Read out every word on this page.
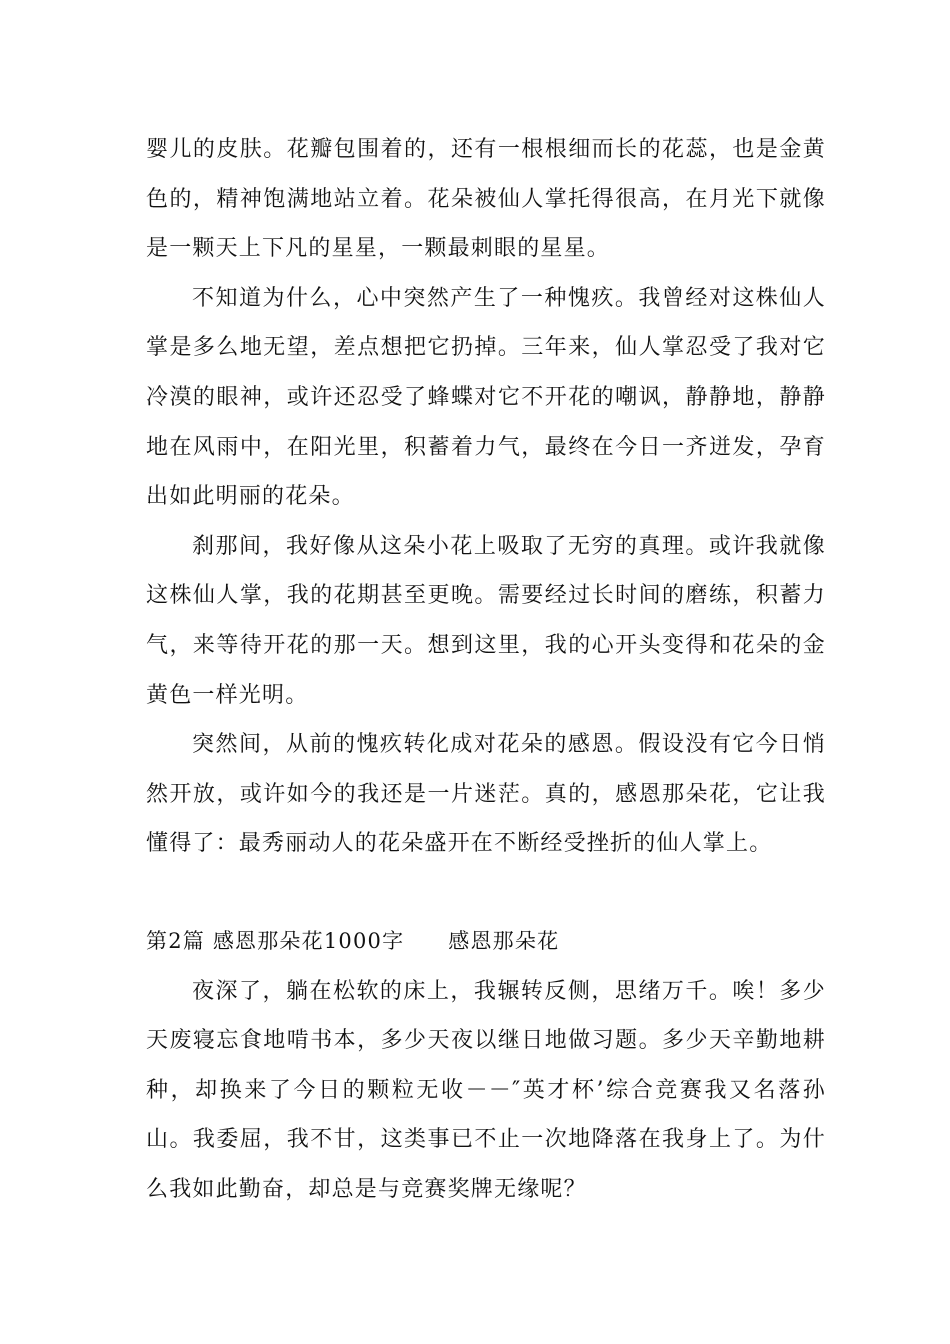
婴儿的皮肤。花瓣包围着的，还有一根根细而长的花蕊，也是金黄色的，精神饱满地站立着。花朵被仙人掌托得很高，在月光下就像是一颗天上下凡的星星，一颗最刺眼的星星。

不知道为什么，心中突然产生了一种愧疚。我曾经对这株仙人掌是多么地无望，差点想把它扔掉。三年来，仙人掌忍受了我对它冷漠的眼神，或许还忍受了蜂蝶对它不开花的嘲讽，静静地，静静地在风雨中，在阳光里，积蓄着力气，最终在今日一齐迸发，孕育出如此明丽的花朵。

刹那间，我好像从这朵小花上吸取了无穷的真理。或许我就像这株仙人掌，我的花期甚至更晚。需要经过长时间的磨练，积蓄力气，来等待开花的那一天。想到这里，我的心开头变得和花朵的金黄色一样光明。

突然间，从前的愧疚转化成对花朵的感恩。假设没有它今日悄然开放，或许如今的我还是一片迷茫。真的，感恩那朵花，它让我懂得了：最秀丽动人的花朵盛开在不断经受挫折的仙人掌上。

第2篇 感恩那朵花1000字 感恩那朵花

夜深了，躺在松软的床上，我辗转反侧，思绪万千。唉！多少天废寝忘食地啃书本，多少天夜以继日地做习题。多少天辛勤地耕种，却换来了今日的颗粒无收－－″英才杯’综合竞赛我又名落孙山。我委屈，我不甘，这类事已不止一次地降落在我身上了。为什么我如此勤奋，却总是与竞赛奖牌无缘呢？
